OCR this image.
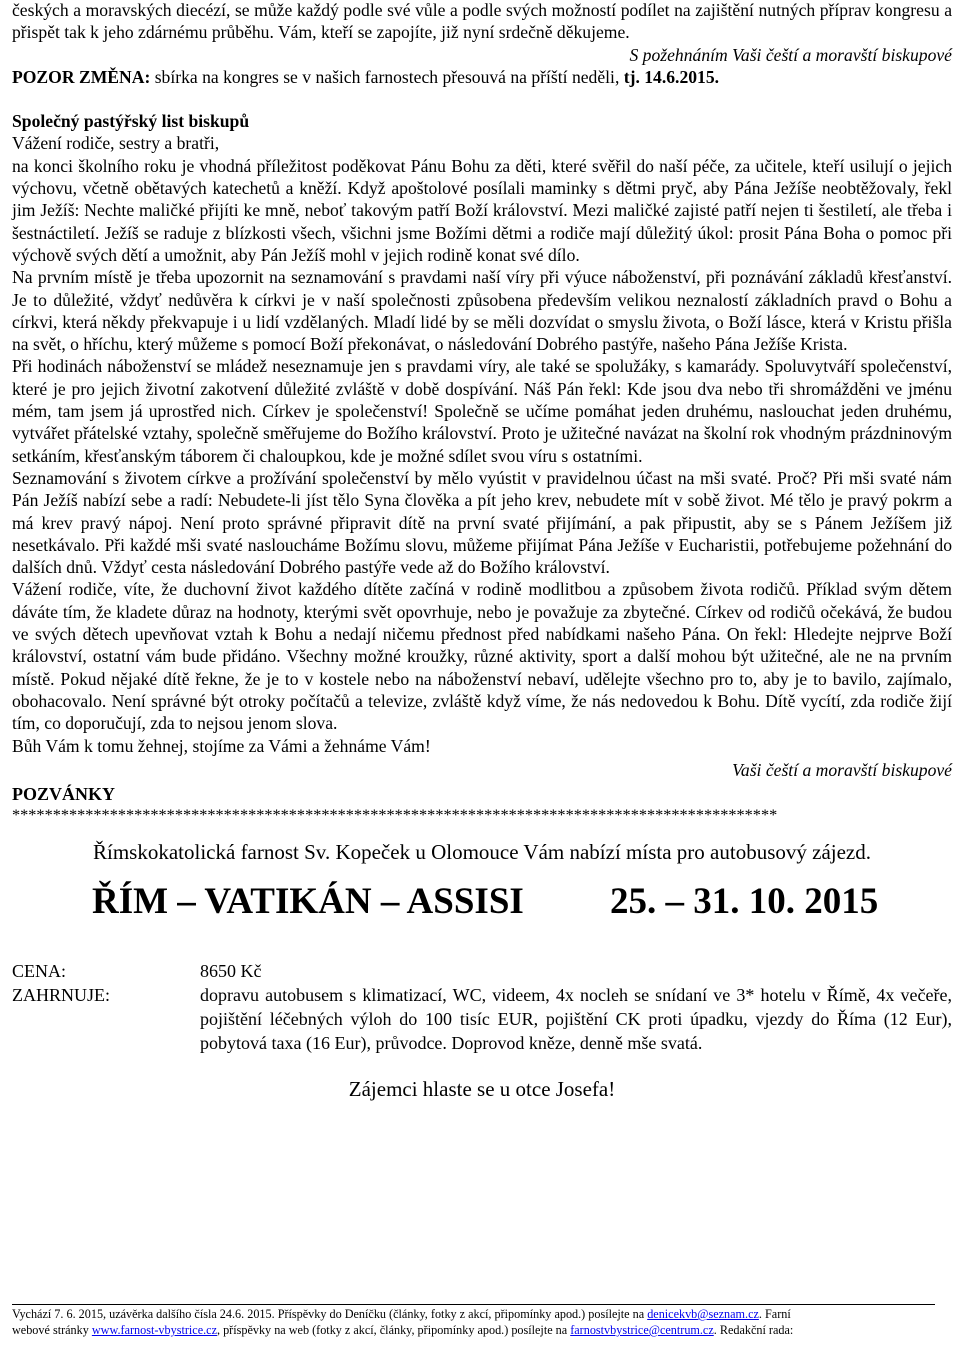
českých a moravských diecézí, se může každý podle své vůle a podle svých možností podílet na zajištění nutných příprav kongresu a přispět tak k jeho zdárnému průběhu. Vám, kteří se zapojíte, již nyní srdečně děkujeme.

S požehnáním Vaši čeští a moravští biskupové

POZOR ZMĚNA: sbírka na kongres se v našich farnostech přesouvá na příští neděli, tj. 14.6.2015.

Společný pastýřský list biskupů

Vážení rodiče, sestry a bratři,

na konci školního roku je vhodná příležitost poděkovat Pánu Bohu za děti, které svěřil do naší péče, za učitele, kteří usilují o jejich výchovu, včetně obětavých katechetů a kněží. Když apoštolové posílali maminky s dětmi pryč, aby Pána Ježíše neobtěžovaly, řekl jim Ježíš: Nechte maličké přijíti ke mně, neboť takovým patří Boží království. Mezi maličké zajisté patří nejen ti šestiletí, ale třeba i šestnáctiletí. Ježíš se raduje z blízkosti všech, všichni jsme Božími dětmi a rodiče mají důležitý úkol: prosit Pána Boha o pomoc při výchově svých dětí a umožnit, aby Pán Ježíš mohl v jejich rodině konat své dílo.

Na prvním místě je třeba upozornit na seznamování s pravdami naší víry při výuce náboženství, při poznávání základů křesťanství. Je to důležité, vždyť nedůvěra k církvi je v naší společnosti způsobena především velikou neznalostí základních pravd o Bohu a církvi, která někdy překvapuje i u lidí vzdělaných. Mladí lidé by se měli dozvídat o smyslu života, o Boží lásce, která v Kristu přišla na svět, o hříchu, který můžeme s pomocí Boží překonávat, o následování Dobrého pastýře, našeho Pána Ježíše Krista.

Při hodinách náboženství se mládež neseznamuje jen s pravdami víry, ale také se spolužáky, s kamarády. Spoluvytváří společenství, které je pro jejich životní zakotvení důležité zvláště v době dospívání. Náš Pán řekl: Kde jsou dva nebo tři shromážděni ve jménu mém, tam jsem já uprostřed nich. Církev je společenství! Společně se učíme pomáhat jeden druhému, naslouchat jeden druhému, vytvářet přátelské vztahy, společně směřujeme do Božího království. Proto je užitečné navázat na školní rok vhodným prázdninovým setkáním, křesťanským táborem či chaloupkou, kde je možné sdílet svou víru s ostatními.

Seznamování s životem církve a prožívání společenství by mělo vyústit v pravidelnou účast na mši svaté. Proč? Při mši svaté nám Pán Ježíš nabízí sebe a radí: Nebudete-li jíst tělo Syna člověka a pít jeho krev, nebudete mít v sobě život. Mé tělo je pravý pokrm a má krev pravý nápoj. Není proto správné připravit dítě na první svaté přijímání, a pak připustit, aby se s Pánem Ježíšem již nesetkávalo. Při každé mši svaté nasloucháme Božímu slovu, můžeme přijímat Pána Ježíše v Eucharistii, potřebujeme požehnání do dalších dnů. Vždyť cesta následování Dobrého pastýře vede až do Božího království.

Vážení rodiče, víte, že duchovní život každého dítěte začíná v rodině modlitbou a způsobem života rodičů. Příklad svým dětem dáváte tím, že kladete důraz na hodnoty, kterými svět opovrhuje, nebo je považuje za zbytečné. Církev od rodičů očekává, že budou ve svých dětech upevňovat vztah k Bohu a nedají ničemu přednost před nabídkami našeho Pána. On řekl: Hledejte nejprve Boží království, ostatní vám bude přidáno. Všechny možné kroužky, různé aktivity, sport a další mohou být užitečné, ale ne na prvním místě. Pokud nějaké dítě řekne, že je to v kostele nebo na náboženství nebaví, udělejte všechno pro to, aby je to bavilo, zajímalo, obohacovalo. Není správné být otroky počítačů a televize, zvláště když víme, že nás nedovedou k Bohu. Dítě vycítí, zda rodiče žijí tím, co doporučují, zda to nejsou jenom slova.

Bůh Vám k tomu žehnej, stojíme za Vámi a žehnáme Vám!

Vaši čeští a moravští biskupové

POZVÁNKY
**********************************************************************************************
Římskokatolická farnost Sv. Kopeček u Olomouce Vám nabízí místa pro autobusový zájezd.
ŘÍM – VATIKÁN – ASSISI 25. – 31. 10. 2015
CENA:	8650 Kč
ZAHRNUJE:	dopravu autobusem s klimatizací, WC, videem, 4x nocleh se snídaní ve 3* hotelu v Římě, 4x večeře, pojištění léčebných výloh do 100 tisíc EUR, pojištění CK proti úpadku, vjezdy do Říma (12 Eur), pobytová taxa (16 Eur), průvodce. Doprovod kněze, denně mše svatá.
Zájemci hlaste se u otce Josefa!

Vychází 7. 6. 2015, uzávěrka dalšího čísla 24.6. 2015. Příspěvky do Deníčku (články, fotky z akcí, připomínky apod.) posílejte na denicekvb@seznam.cz. Farní

webové stránky www.farnost-vbystrice.cz, příspěvky na web (fotky z akcí, články, připomínky apod.) posílejte na farnostvbystrice@centrum.cz. Redakční rada:
